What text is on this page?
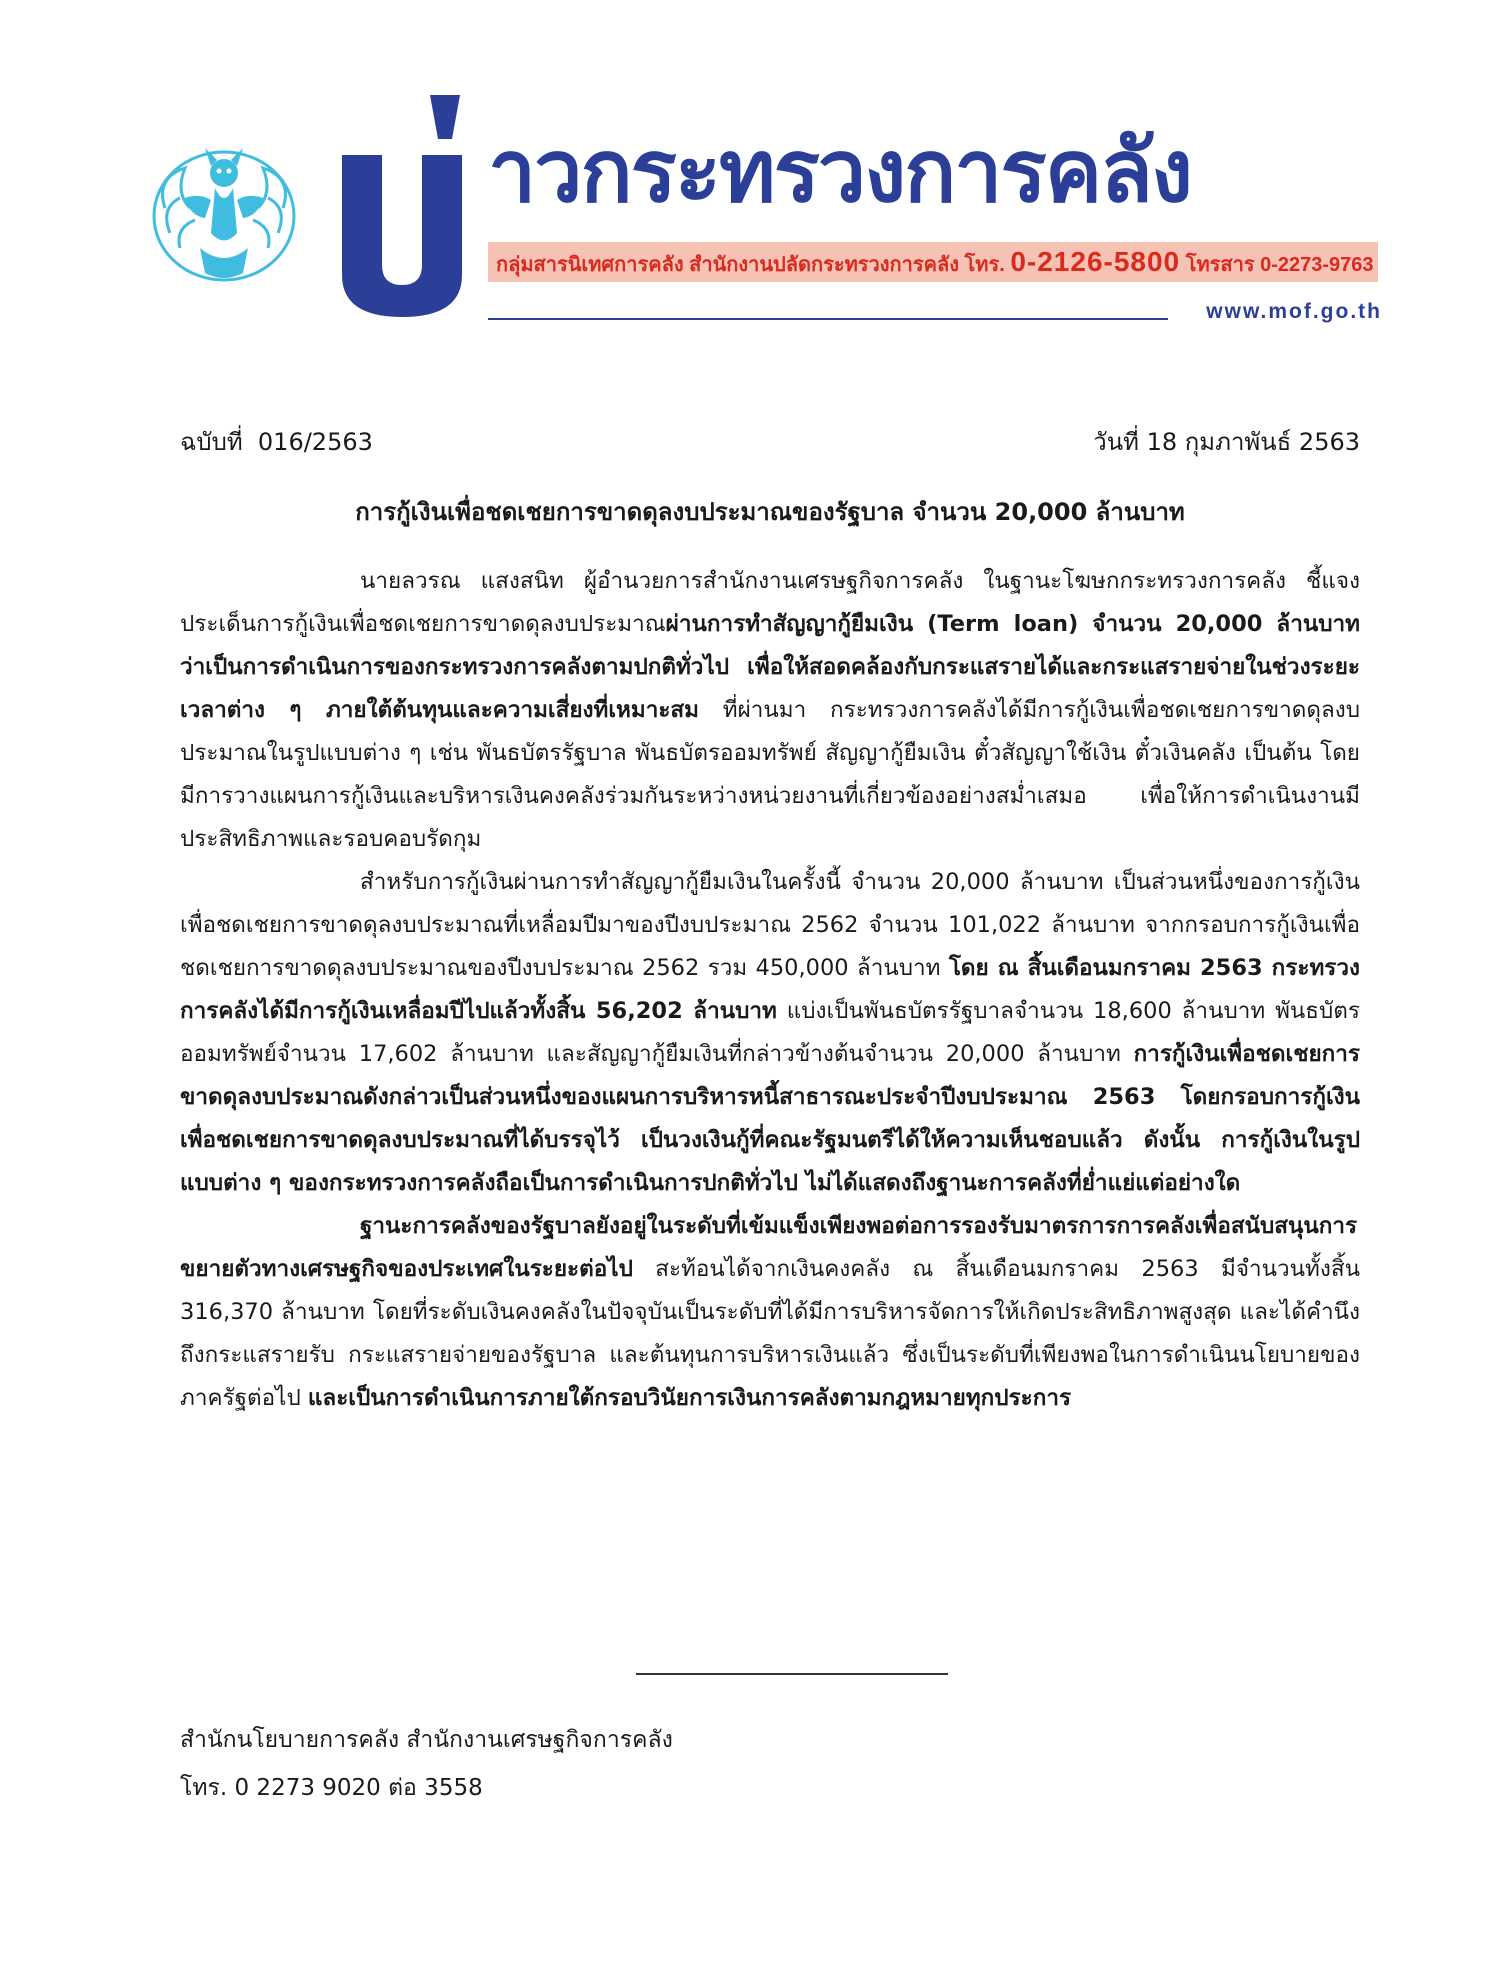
าวกระทรวงการคลัง
กลุ่มสารนิเทศการคลัง สำนักงานปลัดกระทรวงการคลัง โทร. 0-2126-5800 โทรสาร 0-2273-9763
www.mof.go.th
ฉบับที่ 016/2563	วันที่ 18 กุมภาพันธ์ 2563
การกู้เงินเพื่อชดเชยการขาดดุลงบประมาณของรัฐบาล จำนวน 20,000 ล้านบาท

นายลวรณ แสงสนิท ผู้อำนวยการสำนักงานเศรษฐกิจการคลัง ในฐานะโฆษกกระทรวงการคลัง ชี้แจงประเด็นการกู้เงินเพื่อชดเชยการขาดดุลงบประมาณผ่านการทำสัญญากู้ยืมเงิน (Term loan) จำนวน 20,000 ล้านบาท ว่าเป็นการดำเนินการของกระทรวงการคลังตามปกติทั่วไป เพื่อให้สอดคล้องกับกระแสรายได้และกระแสรายจ่ายในช่วงระยะเวลาต่าง ๆ ภายใต้ต้นทุนและความเสี่ยงที่เหมาะสม ที่ผ่านมา กระทรวงการคลังได้มีการกู้เงินเพื่อชดเชยการขาดดุลงบประมาณในรูปแบบต่าง ๆ เช่น พันธบัตรรัฐบาล พันธบัตรออมทรัพย์ สัญญากู้ยืมเงิน ตั๋วสัญญาใช้เงิน ตั๋วเงินคลัง เป็นต้น โดยมีการวางแผนการกู้เงินและบริหารเงินคงคลังร่วมกันระหว่างหน่วยงานที่เกี่ยวข้องอย่างสม่ำเสมอ เพื่อให้การดำเนินงานมีประสิทธิภาพและรอบคอบรัดกุม

สำหรับการกู้เงินผ่านการทำสัญญากู้ยืมเงินในครั้งนี้ จำนวน 20,000 ล้านบาท เป็นส่วนหนึ่งของการกู้เงินเพื่อชดเชยการขาดดุลงบประมาณที่เหลื่อมปีมาของปีงบประมาณ 2562 จำนวน 101,022 ล้านบาท จากกรอบการกู้เงินเพื่อชดเชยการขาดดุลงบประมาณของปีงบประมาณ 2562 รวม 450,000 ล้านบาท โดย ณ สิ้นเดือนมกราคม 2563 กระทรวงการคลังได้มีการกู้เงินเหลื่อมปีไปแล้วทั้งสิ้น 56,202 ล้านบาท แบ่งเป็นพันธบัตรรัฐบาลจำนวน 18,600 ล้านบาท พันธบัตรออมทรัพย์จำนวน 17,602 ล้านบาท และสัญญากู้ยืมเงินที่กล่าวข้างต้นจำนวน 20,000 ล้านบาท การกู้เงินเพื่อชดเชยการขาดดุลงบประมาณดังกล่าวเป็นส่วนหนึ่งของแผนการบริหารหนี้สาธารณะประจำปีงบประมาณ 2563 โดยกรอบการกู้เงินเพื่อชดเชยการขาดดุลงบประมาณที่ได้บรรจุไว้ เป็นวงเงินกู้ที่คณะรัฐมนตรีได้ให้ความเห็นชอบแล้ว ดังนั้น การกู้เงินในรูปแบบต่าง ๆ ของกระทรวงการคลังถือเป็นการดำเนินการปกติทั่วไป ไม่ได้แสดงถึงฐานะการคลังที่ย่ำแย่แต่อย่างใด

ฐานะการคลังของรัฐบาลยังอยู่ในระดับที่เข้มแข็งเพียงพอต่อการรองรับมาตรการการคลังเพื่อสนับสนุนการขยายตัวทางเศรษฐกิจของประเทศในระยะต่อไป สะท้อนได้จากเงินคงคลัง ณ สิ้นเดือนมกราคม 2563 มีจำนวนทั้งสิ้น 316,370 ล้านบาท โดยที่ระดับเงินคงคลังในปัจจุบันเป็นระดับที่ได้มีการบริหารจัดการให้เกิดประสิทธิภาพสูงสุด และได้คำนึงถึงกระแสรายรับ กระแสรายจ่ายของรัฐบาล และต้นทุนการบริหารเงินแล้ว ซึ่งเป็นระดับที่เพียงพอในการดำเนินนโยบายของภาครัฐต่อไป และเป็นการดำเนินการภายใต้กรอบวินัยการเงินการคลังตามกฎหมายทุกประการ

สำนักนโยบายการคลัง สำนักงานเศรษฐกิจการคลัง
โทร. 0 2273 9020 ต่อ 3558
